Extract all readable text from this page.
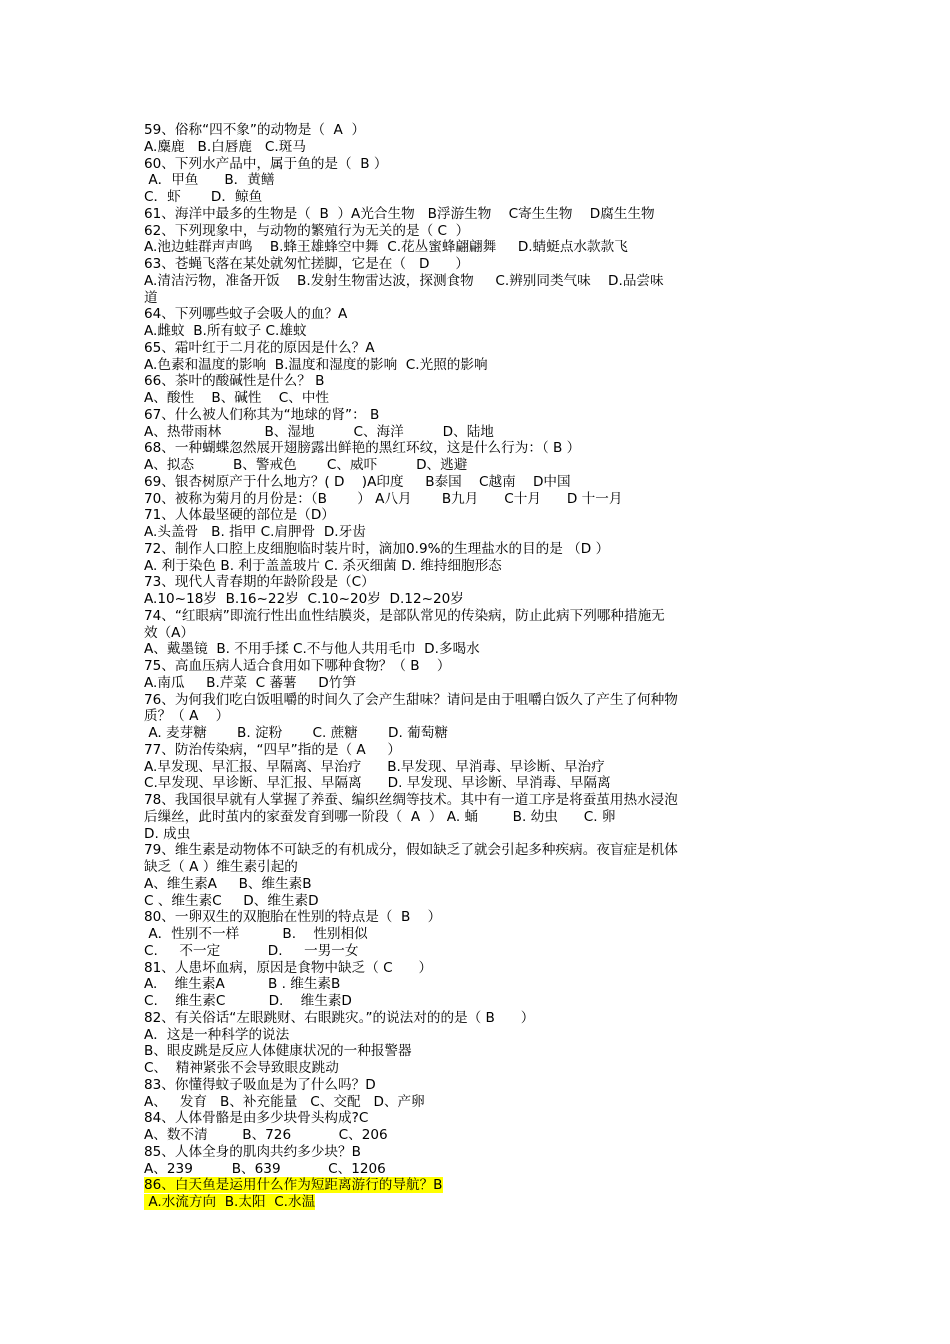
59、俗称“四不象”的动物是（  A  ）
A.麋鹿   B.白唇鹿   C.斑马
60、下列水产品中，属于鱼的是（  B ）
A．甲鱼      B．黄鳝
C．虾       D．鲸鱼
61、海洋中最多的生物是（  B  ）A光合生物   B浮游生物    C寄生生物    D腐生生物
62、下列现象中，与动物的繁殖行为无关的是（ C  ）
A.池边蛙群声声鸣    B.蜂王雄蜂空中舞  C.花丛蜜蜂翩翩舞     D.蜻蜓点水款款飞
63、苍蝇飞落在某处就匆忙搓脚，它是在（   D      ）
A.清洁污物，准备开饭    B.发射生物雷达波，探测食物     C.辨别同类气味    D.品尝味
道
64、下列哪些蚊子会吸人的血？A
A.雌蚊  B.所有蚊子 C.雄蚊
65、霜叶红于二月花的原因是什么？A
A.色素和温度的影响  B.温度和湿度的影响  C.光照的影响
66、茶叶的酸碱性是什么？ B
A、酸性    B、碱性    C、中性
67、什么被人们称其为“地球的肾”： B
A、热带雨林          B、湿地         C、海洋         D、陆地
68、一种蝴蝶忽然展开翅膀露出鲜艳的黑红环纹，这是什么行为：（ B ）
A、拟态         B、警戒色       C、威吓         D、逃避
69、银杏树原产于什么地方？( D    )A印度     B泰国    C越南    D中国
70、被称为菊月的月份是：（B       ） A八月       B九月      C十月      D 十一月
71、人体最坚硬的部位是（D）
A.头盖骨   B. 指甲 C.肩胛骨  D.牙齿
72、制作人口腔上皮细胞临时装片时，滴加0.9%的生理盐水的目的是 （D ）
A. 利于染色 B. 利于盖盖玻片 C. 杀灭细菌 D. 维持细胞形态
73、现代人青春期的年龄阶段是（C）
A.10~18岁  B.16~22岁  C.10~20岁  D.12~20岁
74、“红眼病”即流行性出血性结膜炎，是部队常见的传染病，防止此病下列哪种措施无
效（A）
A、戴墨镜  B. 不用手揉 C.不与他人共用毛巾  D.多喝水
75、高血压病人适合食用如下哪种食物？（ B    ）
A.南瓜     B.芹菜  C 蕃薯     D竹笋
76、为何我们吃白饭咀嚼的时间久了会产生甜味？请问是由于咀嚼白饭久了产生了何种物
质？（ A    ）
A. 麦芽糖       B. 淀粉       C. 蔗糖       D. 葡萄糖
77、防治传染病，“四早”指的是（ A     ）
A.早发现、早汇报、早隔离、早治疗      B.早发现、早消毒、早诊断、早治疗
C.早发现、早诊断、早汇报、早隔离      D. 早发现、早诊断、早消毒、早隔离
78、我国很早就有人掌握了养蚕、编织丝绸等技术。其中有一道工序是将蚕茧用热水浸泡
后缫丝，此时茧内的家蚕发育到哪一阶段（  A  ） A. 蛹        B. 幼虫      C. 卵
D. 成虫
79、维生素是动物体不可缺乏的有机成分，假如缺乏了就会引起多种疾病。夜盲症是机体
缺乏（ A ）维生素引起的
A、维生素A     B、维生素B
C 、维生素C     D、维生素D
80、一卵双生的双胞胎在性别的特点是（  B    ）
A．性别不一样          B.    性别相似
C.     不一定           D.     一男一女
81、人患坏血病，原因是食物中缺乏（ C      ）
A.    维生素A          B . 维生素B
C.    维生素C          D.    维生素D
82、有关俗话“左眼跳财、右眼跳灾。”的说法对的的是（ B      ）
A．这是一种科学的说法
B、眼皮跳是反应人体健康状况的一种报警器
C、  精神紧张不会导致眼皮跳动
83、你懂得蚊子吸血是为了什么吗？D
A、   发育   B、补充能量   C、交配   D、产卵
84、人体骨骼是由多少块骨头构成?C
A、数不清        B、726           C、206
85、人体全身的肌肉共约多少块？B
A、239         B、639           C、1206
86、白天鱼是运用什么作为短距离游行的导航？B
A.水流方向  B.太阳  C.水温
